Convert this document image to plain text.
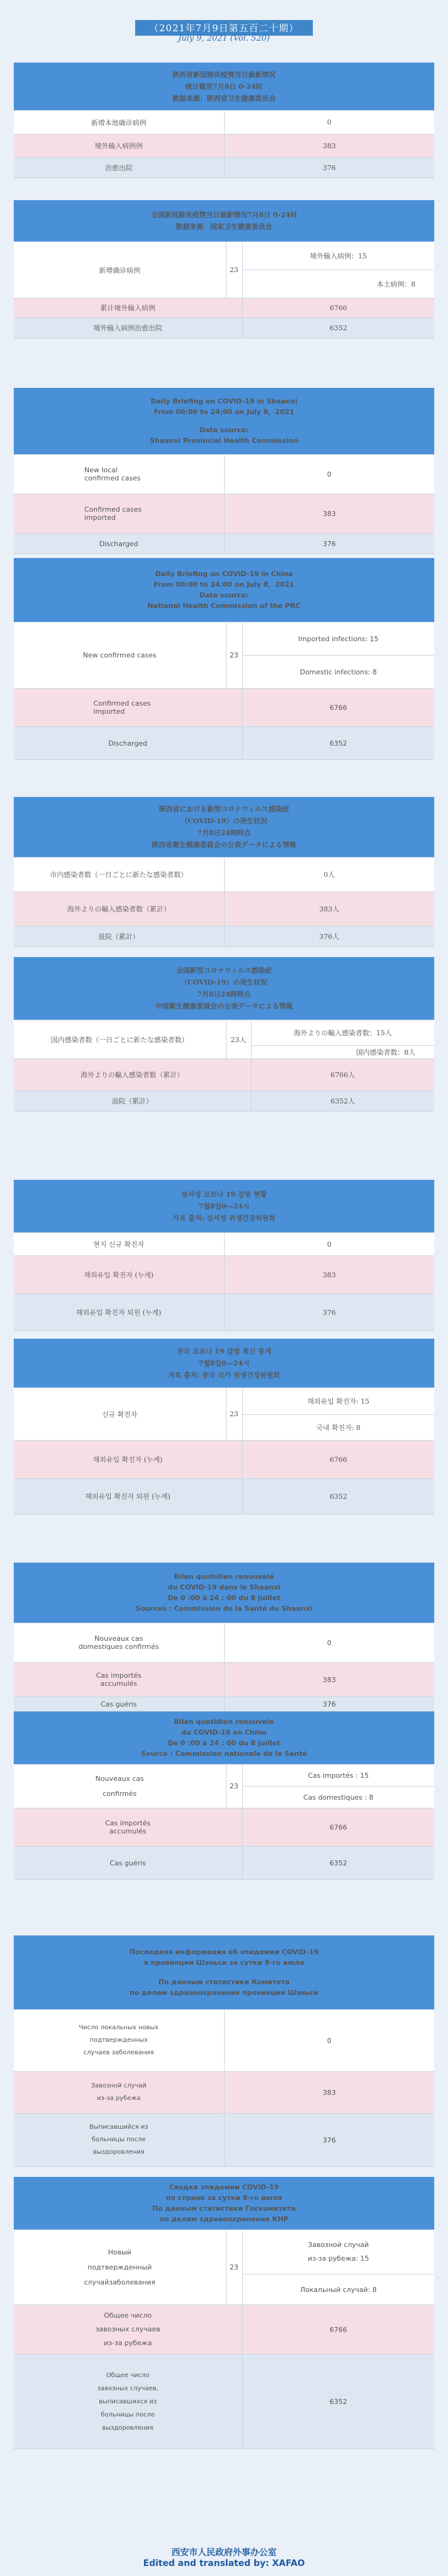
（2021年7月9日第五百二十期）
July 9, 2021 (Vol. 520)
陕西省新冠肺炎疫情当日最新情况
统计截至7月8日 0-24时
数据来源：陕西省卫生健康委员会	

新增本地确诊病例	0
境外输入病例例	383
治愈出院	376
全国新冠肺炎疫情当日最新情况7月8日 0-24时
数据来源：国家卫生健康委员会		

新增确诊病例	23	境外输入病例：15
		本土病例：8
累计境外输入病例		6766
境外输入病例治愈出院		6352
Daily Briefing on COVID-19 in Shaanxi
From 00:00 to 24:00 on July 8，2021
Data source:
Shaanxi Provincial Health Commission	

New local confirmed cases	0

Confirmed cases imported	383
Discharged	376
Daily Briefing on COVID-19 in China
From 00:00 to 24:00 on July 8，2021
Data source:
National Health Commission of the PRC		

New confirmed cases	23	Imported infections: 15
		Domestic infections: 8

Confirmed cases imported		6766
Discharged		6352
陝西省における新型コロナウィルス感染症
（COVID-19）の発生状況
7月8日24時時点
陝西省衛生健康委員会の公表データによる情報	

市内感染者数（一日ごとに新たな感染者数）	0人
海外よりの輸入感染者数（累計）	383人
退院（累計）	376人
全国新型コロナウィルス感染症
（COVID-19）の発生状況
7月8日24時時点
中国衛生健康委員会の公表データによる情報		

国内感染者数（一日ごとに新たな感染者数）	23人	海外よりの輸入感染者数：15人
		国内感染者数：8人
海外よりの輸入感染者数（累計）		6766人
退院（累計）		6352人
섬서성 코로나 19 감염 현황
7월8일0—24시
자료 출처: 섬서성 위생건강위원회	

현지 신규 확진자	0

해외유입 확진자 (누계)	383

해외유입 확진자 퇴원 (누계)	376
전국 코로나 19 감염 최신 통계
7월8일0—24시
자료 출처: 중국 국가 위생건강위원회		

신규 확진자	23	해외유입 확진자: 15
		국내 확진자: 8

해외유입 확진자 (누계)		6766

해외유입 확진자 퇴원 (누계)		6352
Bilan quotidien renouvelé
du COVID-19 dans le Shaanxi
De 0 :00 à 24 : 00 du 8 juillet
Sources : Commission de la Santé du Shaanxi	

Nouveaux cas domestiques confirmés	0

Cas importés accumulés	383
Cas guéris	376
Bilan quotidien renouvelé
du COVID-19 en Chine
De 0 :00 à 24 : 00 du 8 juillet
Source : Commission nationale de la Santé		

Nouveaux cas confirmés	23	Cas importés : 15
		Cas domestiques : 8

Cas importés accumulés		6766
Cas guéris		6352
Последняя информация об эпидемии COVID-19
в провинции Шэньси за сутки 8-го июля
По данным статистики Комитета
по делам здравоохранения провинции Шэньси	

Число локальных новых подтвержденных случаев заболевания	0

Завозной случай из-за рубежа	383

Выписавшийся из больницы после выздоровления	376
Сводка эпидемии COVID-19
по стране за сутки 8-го июля
По данным статистики Госкомитета
по делам здравоохранения КНР		

Новый подтвержденный случайзаболевания	23	Завозной случай из-за рубежа: 15

		Локальный случай: 8

Общее число завозных случаев из-за рубежа		6766

Общее число завозных случаев, выписавшихся из больницы после выздоровления		6352
西安市人民政府外事办公室
Edited and translated by: XAFAO
